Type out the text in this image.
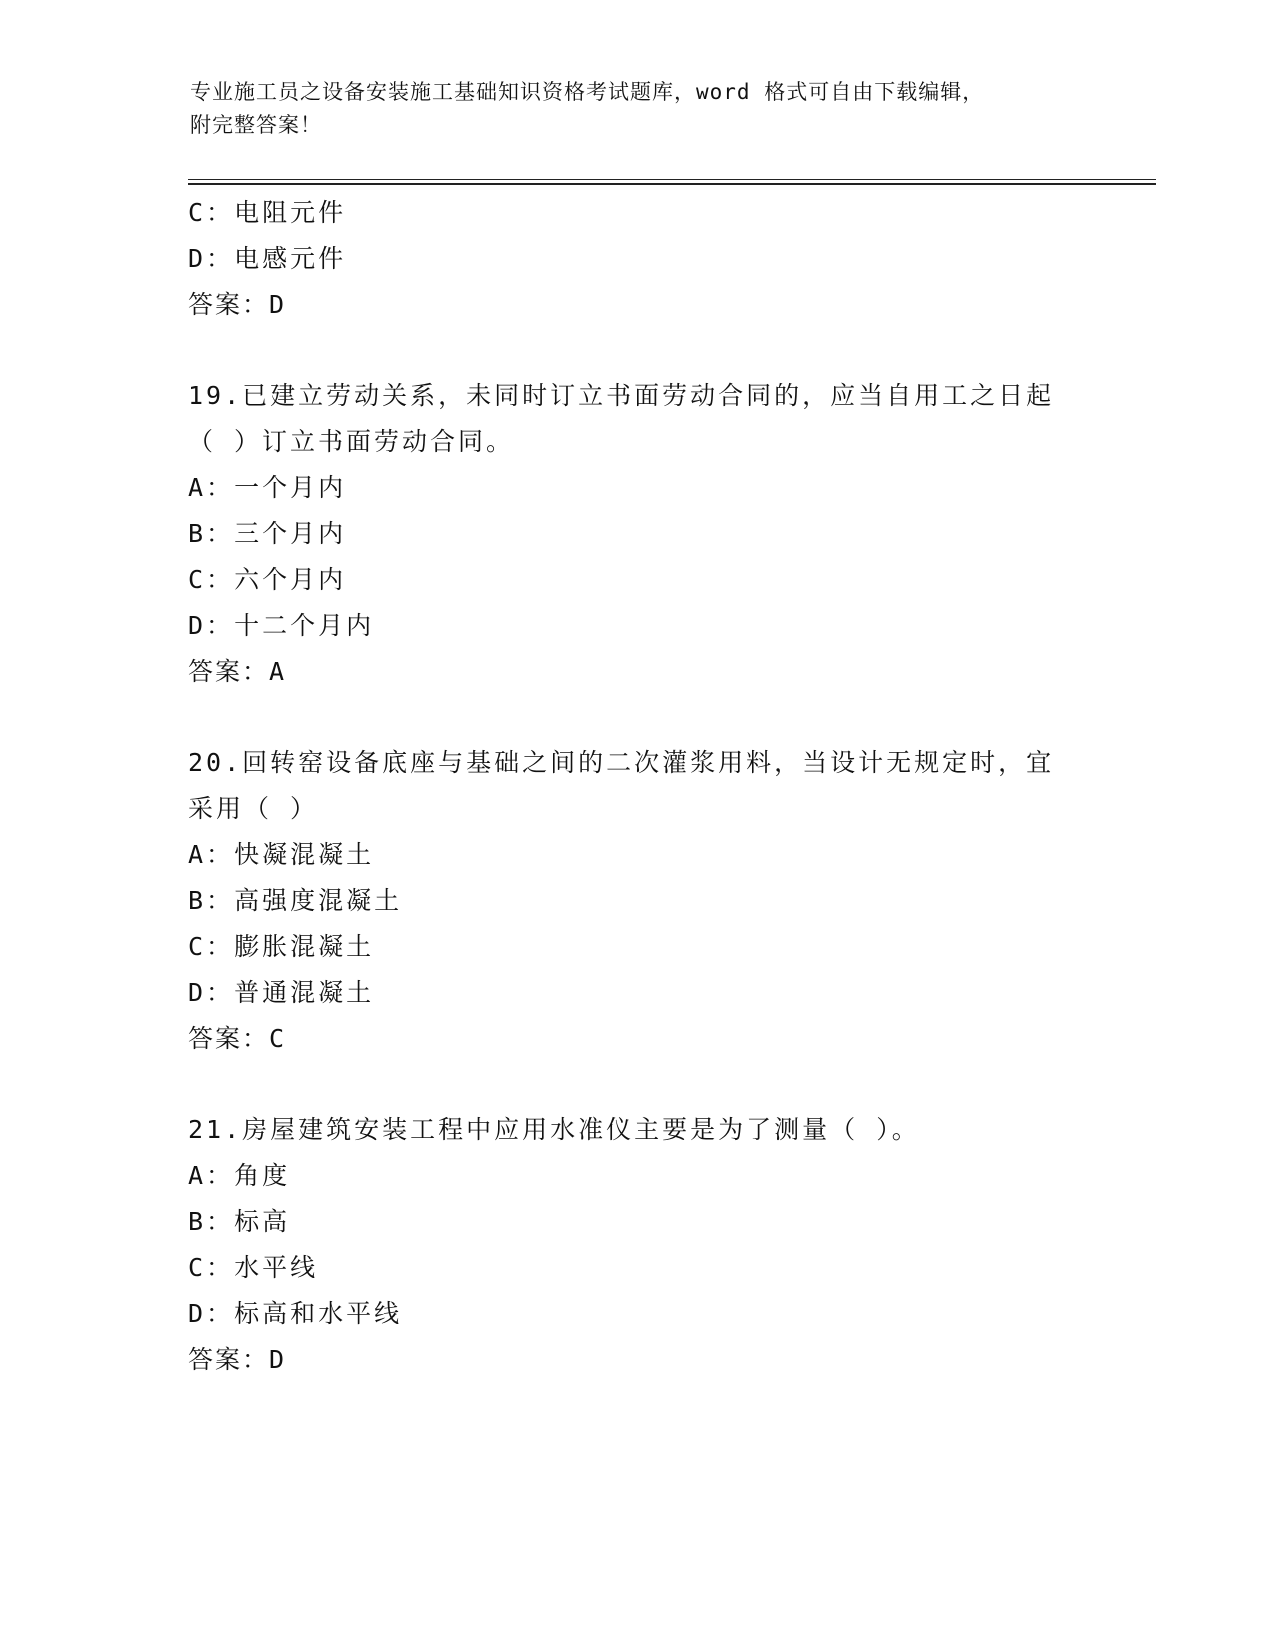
专业施工员之设备安装施工基础知识资格考试题库，word 格式可自由下载编辑，
附完整答案！
C：电阻元件
D：电感元件
答案：D
19.已建立劳动关系，未同时订立书面劳动合同的，应当自用工之日起
（ ）订立书面劳动合同。
A：一个月内
B：三个月内
C：六个月内
D：十二个月内
答案：A
20.回转窑设备底座与基础之间的二次灌浆用料，当设计无规定时，宜
采用（ ）
A：快凝混凝土
B：高强度混凝土
C：膨胀混凝土
D：普通混凝土
答案：C
21.房屋建筑安装工程中应用水准仪主要是为了测量（ ）。
A：角度
B：标高
C：水平线
D：标高和水平线
答案：D
